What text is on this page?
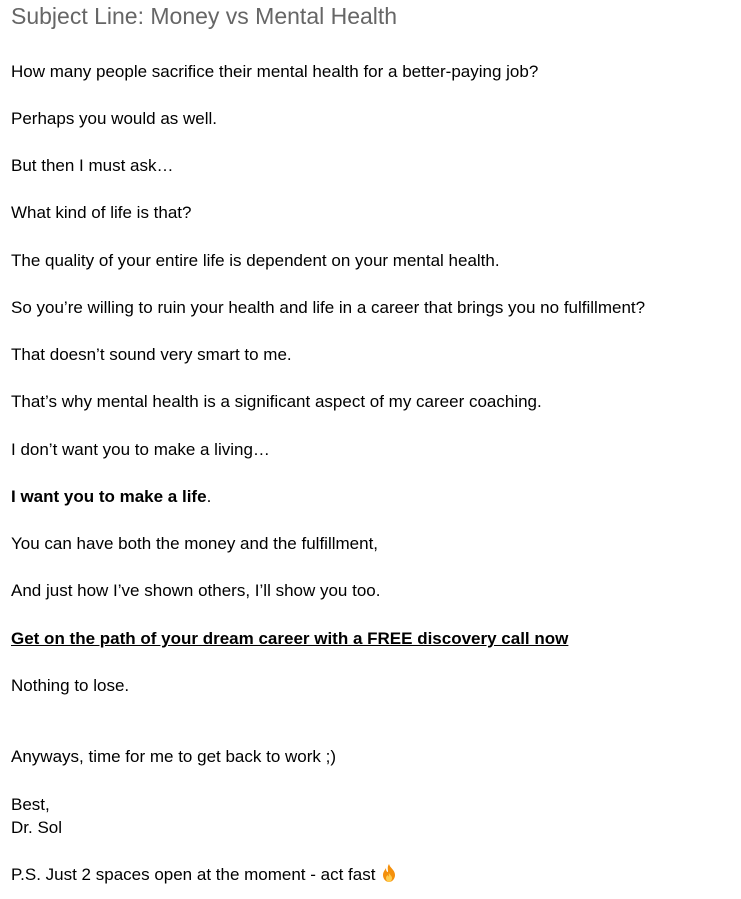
Subject Line: Money vs Mental Health
How many people sacrifice their mental health for a better-paying job?
Perhaps you would as well.
But then I must ask…
What kind of life is that?
The quality of your entire life is dependent on your mental health.
So you’re willing to ruin your health and life in a career that brings you no fulfillment?
That doesn’t sound very smart to me.
That’s why mental health is a significant aspect of my career coaching.
I don’t want you to make a living…
I want you to make a life.
You can have both the money and the fulfillment,
And just how I’ve shown others, I’ll show you too.
Get on the path of your dream career with a FREE discovery call now
Nothing to lose.
Anyways, time for me to get back to work ;)
Best,
Dr. Sol
P.S. Just 2 spaces open at the moment - act fast
